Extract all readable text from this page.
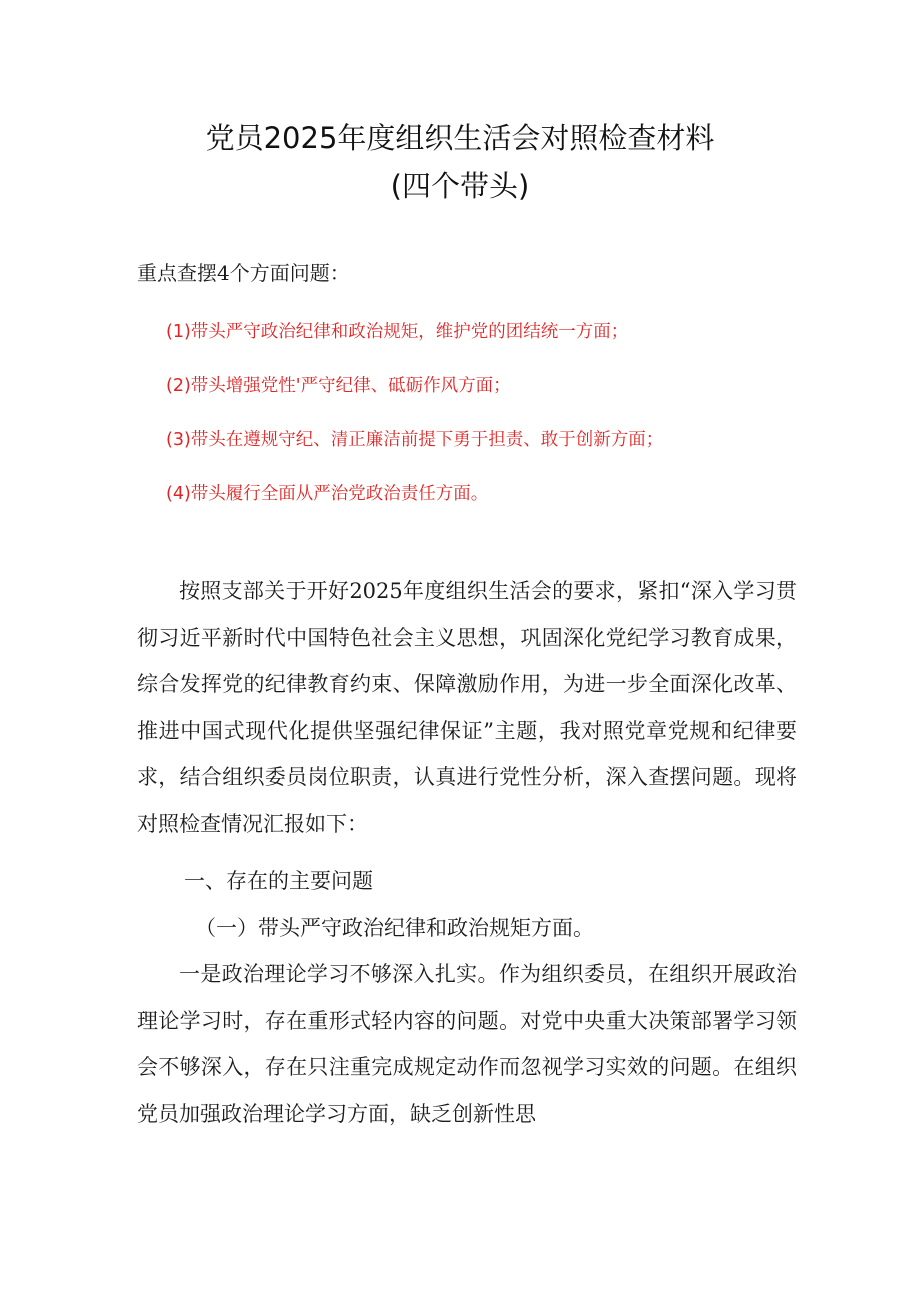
党员2025年度组织生活会对照检查材料
(四个带头)
重点查摆4个方面问题：
(1)带头严守政治纪律和政治规矩，维护党的团结统一方面；
(2)带头增强党性'严守纪律、砥砺作风方面；
(3)带头在遵规守纪、清正廉洁前提下勇于担责、敢于创新方面；
(4)带头履行全面从严治党政治责任方面。

按照支部关于开好2025年度组织生活会的要求，紧扣“深入学习贯彻习近平新时代中国特色社会主义思想，巩固深化党纪学习教育成果，综合发挥党的纪律教育约束、保障激励作用，为进一步全面深化改革、推进中国式现代化提供坚强纪律保证”主题，我对照党章党规和纪律要求，结合组织委员岗位职责，认真进行党性分析，深入查摆问题。现将对照检查情况汇报如下：

一、存在的主要问题
（一）带头严守政治纪律和政治规矩方面。

一是政治理论学习不够深入扎实。作为组织委员，在组织开展政治理论学习时，存在重形式轻内容的问题。对党中央重大决策部署学习领会不够深入，存在只注重完成规定动作而忽视学习实效的问题。在组织党员加强政治理论学习方面，缺乏创新性思
